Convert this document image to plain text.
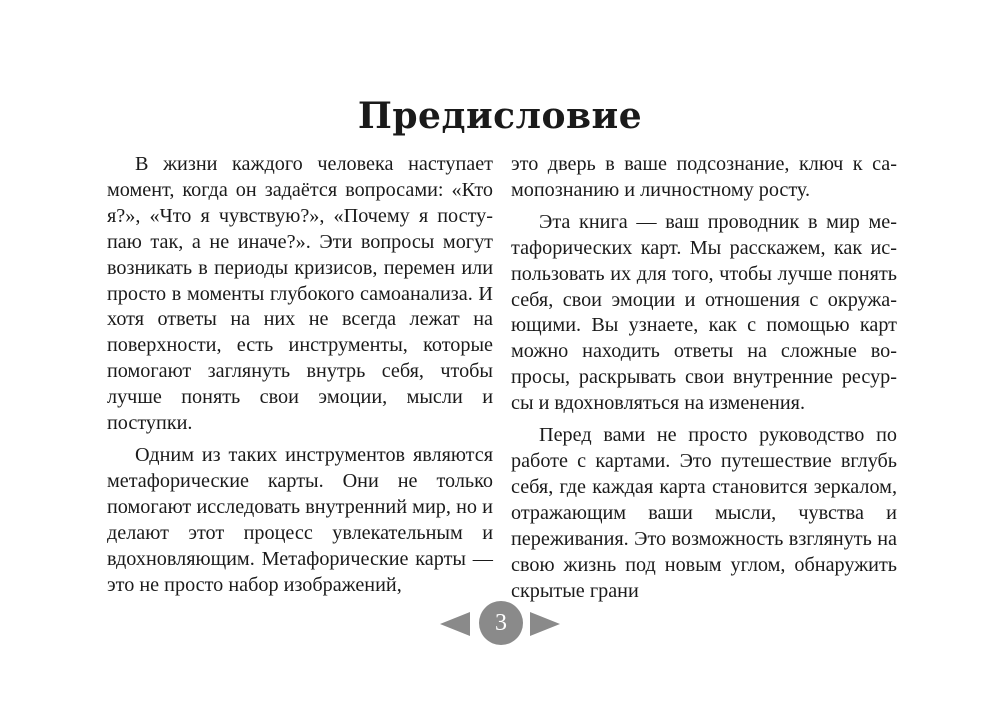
Предисловие

В жизни каждого человека наступает момент, когда он задаётся вопросами: «Кто я?», «Что я чувствую?», «Почему я поступаю так, а не иначе?». Эти вопросы могут возникать в периоды кризисов, перемен или просто в моменты глубокого самоанализа. И хотя ответы на них не всегда лежат на поверхности, есть инструменты, которые помогают заглянуть внутрь себя, чтобы лучше понять свои эмоции, мысли и поступки.

Одним из таких инструментов являются метафорические карты. Они не только помогают исследовать внутренний мир, но и делают этот процесс увлекательным и вдохновляющим. Метафорические карты — это не просто набор изображений,

это дверь в ваше подсознание, ключ к самопознанию и личностному росту.

Эта книга — ваш проводник в мир метафорических карт. Мы расскажем, как использовать их для того, чтобы лучше понять себя, свои эмоции и отношения с окружающими. Вы узнаете, как с помощью карт можно находить ответы на сложные вопросы, раскрывать свои внутренние ресурсы и вдохновляться на изменения.

Перед вами не просто руководство по работе с картами. Это путешествие вглубь себя, где каждая карта становится зеркалом, отражающим ваши мысли, чувства и переживания. Это возможность взглянуть на свою жизнь под новым углом, обнаружить скрытые грани

3
